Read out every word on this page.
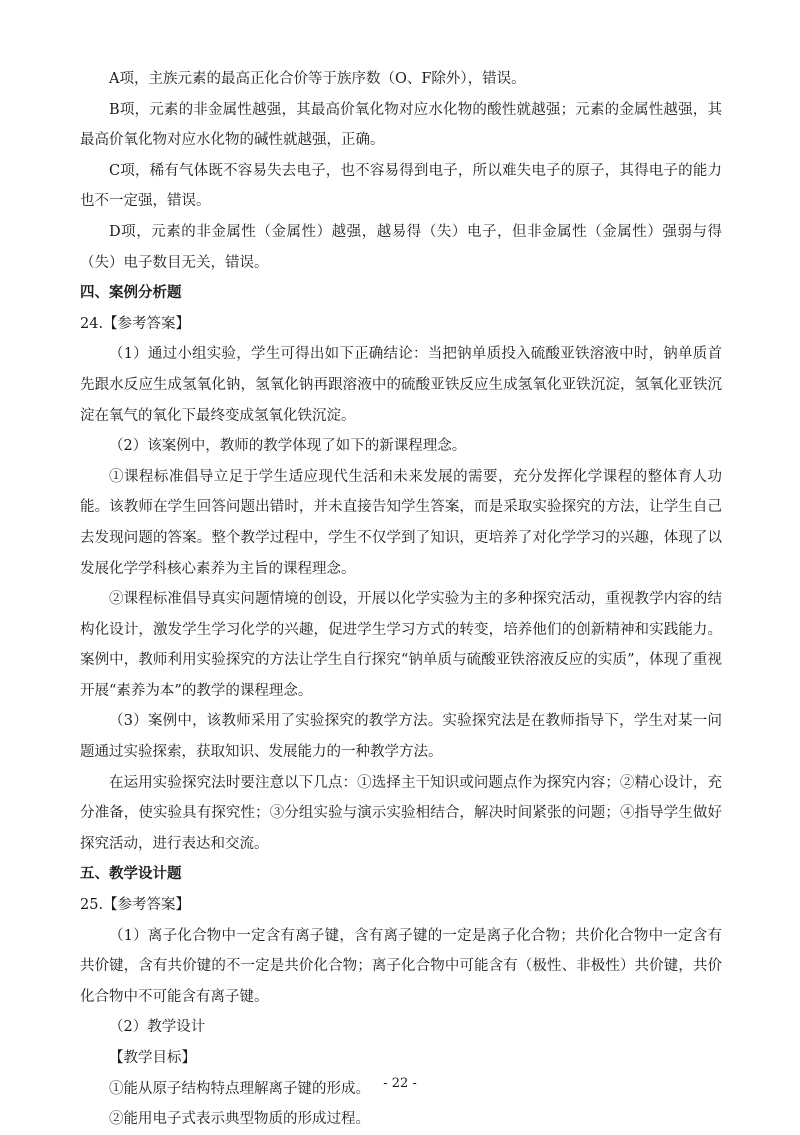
A项，主族元素的最高正化合价等于族序数（O、F除外），错误。

B项，元素的非金属性越强，其最高价氧化物对应水化物的酸性就越强；元素的金属性越强，其最高价氧化物对应水化物的碱性就越强，正确。

C项，稀有气体既不容易失去电子，也不容易得到电子，所以难失电子的原子，其得电子的能力也不一定强，错误。

D项，元素的非金属性（金属性）越强，越易得（失）电子，但非金属性（金属性）强弱与得（失）电子数目无关，错误。

四、案例分析题

24.【参考答案】

（1）通过小组实验，学生可得出如下正确结论：当把钠单质投入硫酸亚铁溶液中时，钠单质首先跟水反应生成氢氧化钠，氢氧化钠再跟溶液中的硫酸亚铁反应生成氢氧化亚铁沉淀，氢氧化亚铁沉淀在氧气的氧化下最终变成氢氧化铁沉淀。

（2）该案例中，教师的教学体现了如下的新课程理念。

①课程标准倡导立足于学生适应现代生活和未来发展的需要，充分发挥化学课程的整体育人功能。该教师在学生回答问题出错时，并未直接告知学生答案，而是采取实验探究的方法，让学生自己去发现问题的答案。整个教学过程中，学生不仅学到了知识，更培养了对化学学习的兴趣，体现了以发展化学学科核心素养为主旨的课程理念。

②课程标准倡导真实问题情境的创设，开展以化学实验为主的多种探究活动，重视教学内容的结构化设计，激发学生学习化学的兴趣，促进学生学习方式的转变，培养他们的创新精神和实践能力。案例中，教师利用实验探究的方法让学生自行探究“钠单质与硫酸亚铁溶液反应的实质”，体现了重视开展“素养为本”的教学的课程理念。

（3）案例中，该教师采用了实验探究的教学方法。实验探究法是在教师指导下，学生对某一问题通过实验探索，获取知识、发展能力的一种教学方法。

在运用实验探究法时要注意以下几点：①选择主干知识或问题点作为探究内容；②精心设计，充分准备，使实验具有探究性；③分组实验与演示实验相结合，解决时间紧张的问题；④指导学生做好探究活动，进行表达和交流。

五、教学设计题

25.【参考答案】

（1）离子化合物中一定含有离子键，含有离子键的一定是离子化合物；共价化合物中一定含有共价键，含有共价键的不一定是共价化合物；离子化合物中可能含有（极性、非极性）共价键，共价化合物中不可能含有离子键。

（2）教学设计

【教学目标】

①能从原子结构特点理解离子键的形成。

②能用电子式表示典型物质的形成过程。

- 22 -
